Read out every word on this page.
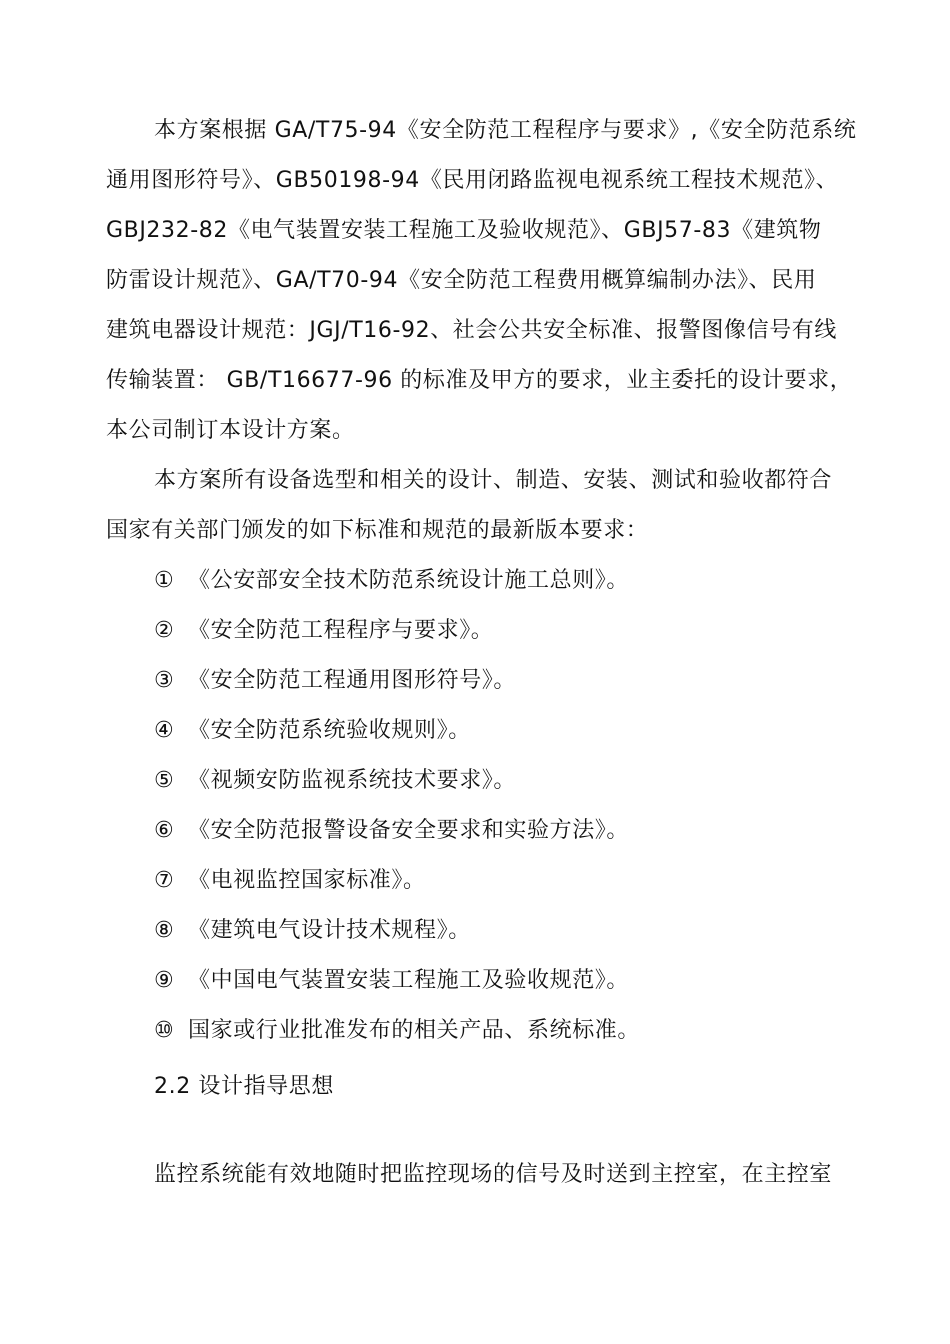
本方案根据 GA/T75-94《安全防范工程程序与要求》,《安全防范系统
通用图形符号》、GB50198-94《民用闭路监视电视系统工程技术规范》、
GBJ232-82《电气装置安装工程施工及验收规范》、GBJ57-83《建筑物
防雷设计规范》、GA/T70-94《安全防范工程费用概算编制办法》、民用
建筑电器设计规范：JGJ/T16-92、社会公共安全标准、报警图像信号有线
传输装置： GB/T16677-96 的标准及甲方的要求，业主委托的设计要求，
本公司制订本设计方案。
本方案所有设备选型和相关的设计、制造、安装、测试和验收都符合
国家有关部门颁发的如下标准和规范的最新版本要求：
① 《公安部安全技术防范系统设计施工总则》。
② 《安全防范工程程序与要求》。
③ 《安全防范工程通用图形符号》。
④ 《安全防范系统验收规则》。
⑤ 《视频安防监视系统技术要求》。
⑥ 《安全防范报警设备安全要求和实验方法》。
⑦ 《电视监控国家标准》。
⑧ 《建筑电气设计技术规程》。
⑨ 《中国电气装置安装工程施工及验收规范》。
⑩ 国家或行业批准发布的相关产品、系统标准。
2.2 设计指导思想
监控系统能有效地随时把监控现场的信号及时送到主控室，在主控室
